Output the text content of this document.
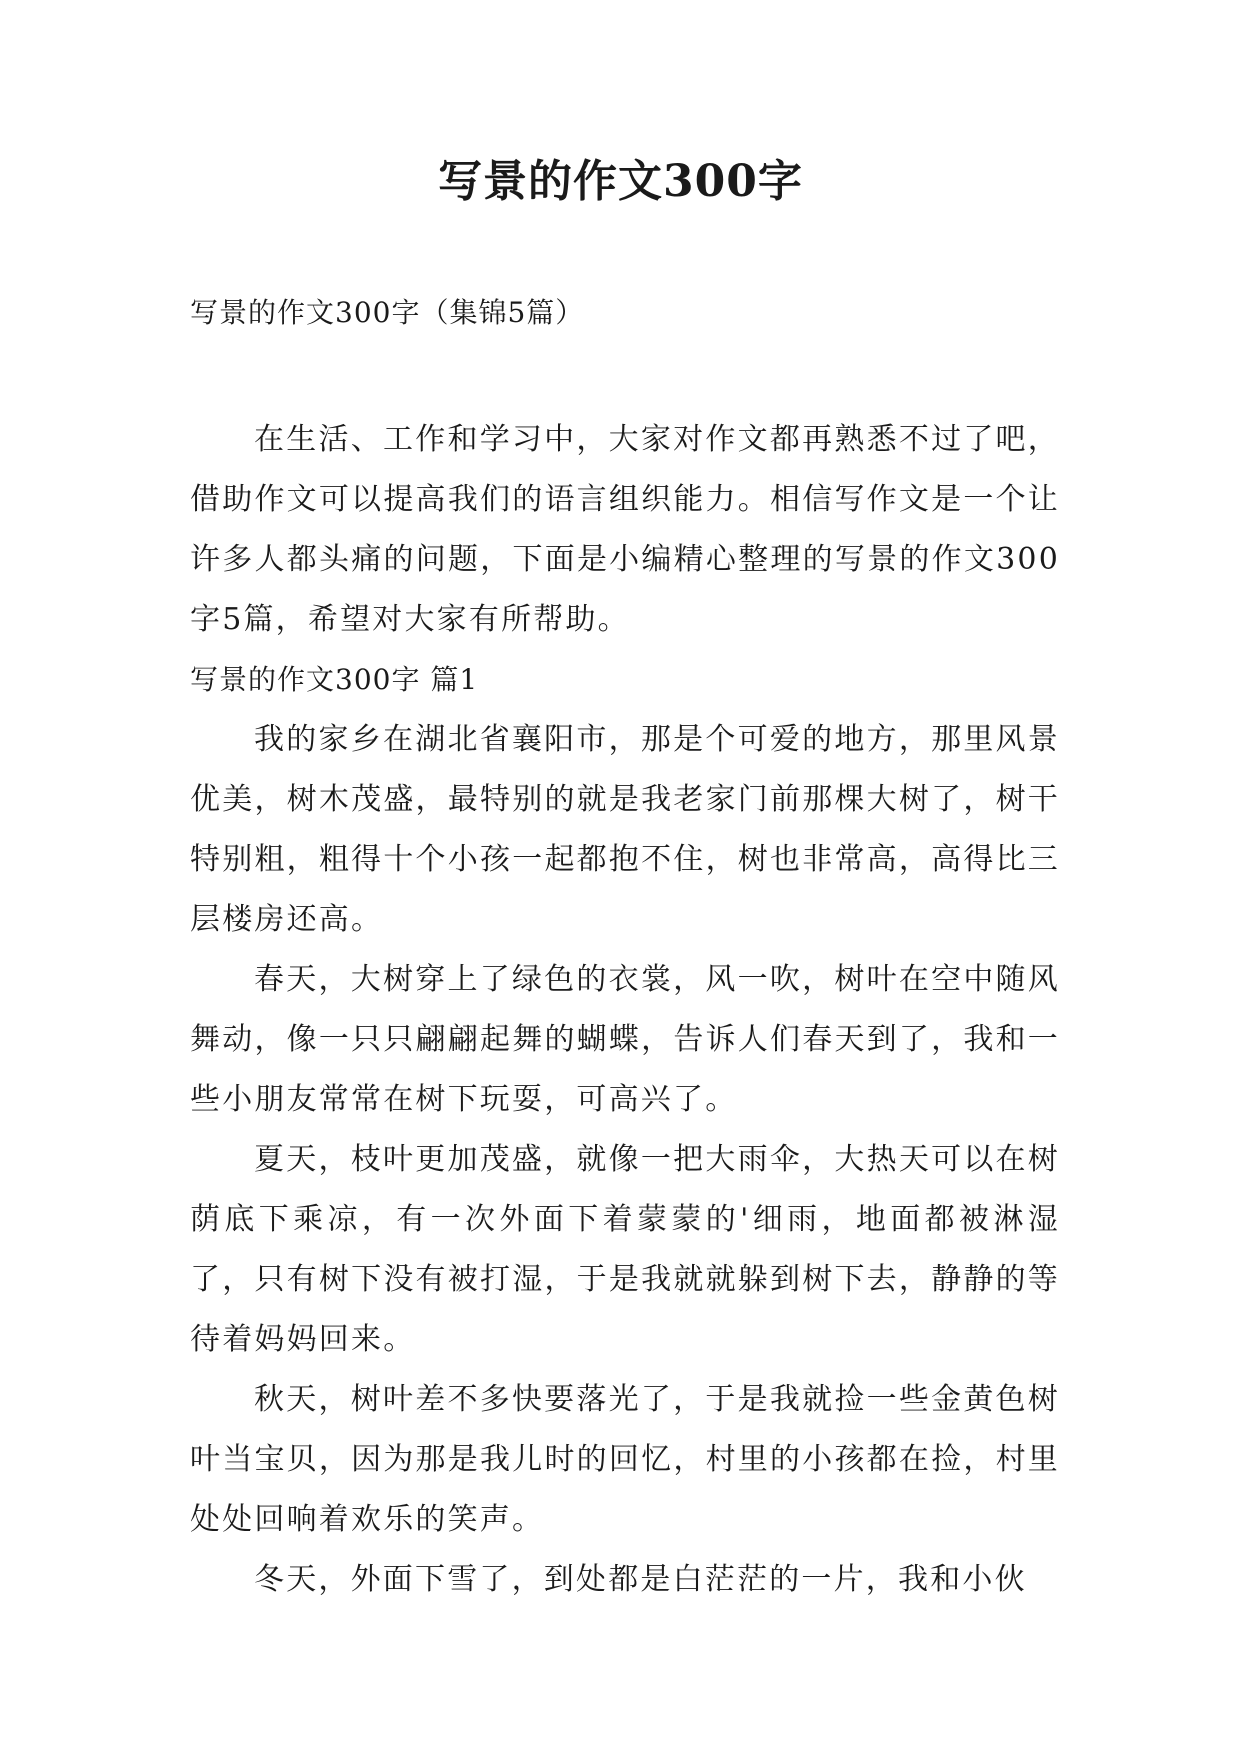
写景的作文300字
写景的作文300字（集锦5篇）

在生活、工作和学习中，大家对作文都再熟悉不过了吧，借助作文可以提高我们的语言组织能力。相信写作文是一个让许多人都头痛的问题，下面是小编精心整理的写景的作文300字5篇，希望对大家有所帮助。

写景的作文300字 篇1

我的家乡在湖北省襄阳市，那是个可爱的地方，那里风景优美，树木茂盛，最特别的就是我老家门前那棵大树了，树干特别粗，粗得十个小孩一起都抱不住，树也非常高，高得比三层楼房还高。

春天，大树穿上了绿色的衣裳，风一吹，树叶在空中随风舞动，像一只只翩翩起舞的蝴蝶，告诉人们春天到了，我和一些小朋友常常在树下玩耍，可高兴了。

夏天，枝叶更加茂盛，就像一把大雨伞，大热天可以在树荫底下乘凉，有一次外面下着蒙蒙的'细雨，地面都被淋湿了，只有树下没有被打湿，于是我就就躲到树下去，静静的等待着妈妈回来。

秋天，树叶差不多快要落光了，于是我就捡一些金黄色树叶当宝贝，因为那是我儿时的回忆，村里的小孩都在捡，村里处处回响着欢乐的笑声。

冬天，外面下雪了，到处都是白茫茫的一片，我和小伙
